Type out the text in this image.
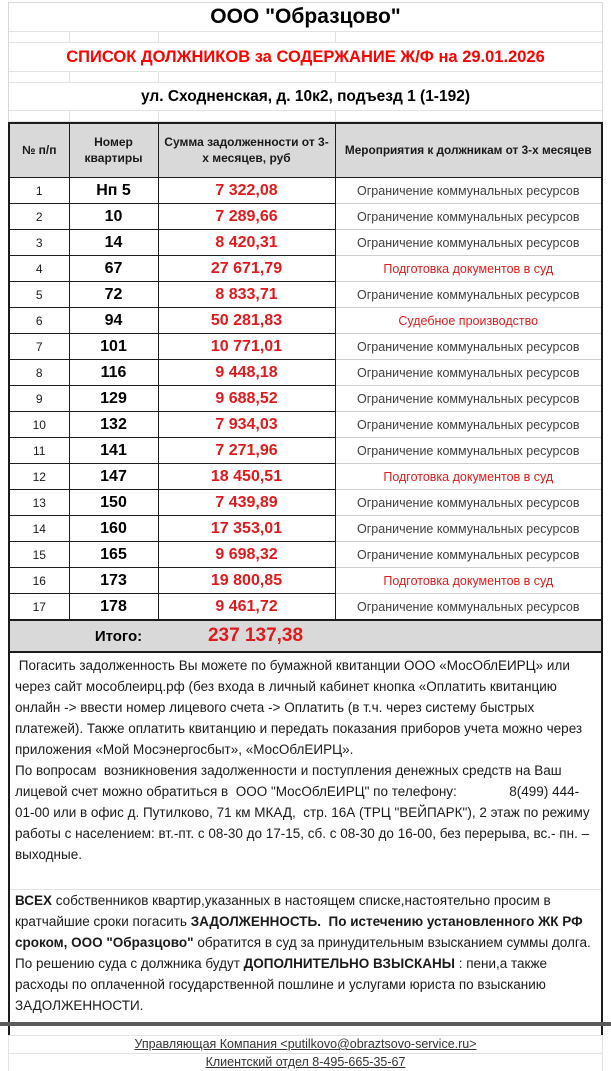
ООО "Образцово"
СПИСОК ДОЛЖНИКОВ за СОДЕРЖАНИЕ Ж/Ф на 29.01.2026
ул. Сходненская, д. 10к2, подъезд 1 (1-192)
№ п/п	Номер квартиры	Сумма задолженности от 3-х месяцев, руб	Мероприятия к должникам от 3-х месяцев
1	Нп 5	7 322,08	Ограничение коммунальных ресурсов
2	10	7 289,66	Ограничение коммунальных ресурсов
3	14	8 420,31	Ограничение коммунальных ресурсов
4	67	27 671,79	Подготовка документов в суд
5	72	8 833,71	Ограничение коммунальных ресурсов
6	94	50 281,83	Судебное производство
7	101	10 771,01	Ограничение коммунальных ресурсов
8	116	9 448,18	Ограничение коммунальных ресурсов
9	129	9 688,52	Ограничение коммунальных ресурсов
10	132	7 934,03	Ограничение коммунальных ресурсов
11	141	7 271,96	Ограничение коммунальных ресурсов
12	147	18 450,51	Подготовка документов в суд
13	150	7 439,89	Ограничение коммунальных ресурсов
14	160	17 353,01	Ограничение коммунальных ресурсов
15	165	9 698,32	Ограничение коммунальных ресурсов
16	173	19 800,85	Подготовка документов в суд
17	178	9 461,72	Ограничение коммунальных ресурсов
Итого:	237 137,38

Погасить задолженность Вы можете по бумажной квитанции ООО «МосОблЕИРЦ» или через сайт мособлеирц.рф (без входа в личный кабинет кнопка «Оплатить квитанцию онлайн -> ввести номер лицевого счета -> Оплатить (в т.ч. через систему быстрых платежей). Также оплатить квитанцию и передать показания приборов учета можно через приложения «Мой Мосэнергосбыт», «МосОблЕИРЦ».

По вопросам  возникновения задолженности и поступления денежных средств на Ваш лицевой счет можно обратиться в  ООО "МосОблЕИРЦ" по телефону:              8(499) 444-01-00 или в офис д. Путилково, 71 км МКАД,  стр. 16А (ТРЦ "ВЕЙПАРК"), 2 этаж по режиму работы с населением: вт.-пт. с 08-30 до 17-15, сб. с 08-30 до 16-00, без перерыва, вс.- пн. – выходные.

ВСЕХ собственников квартир,указанных в настоящем списке,настоятельно просим в кратчайшие сроки погасить ЗАДОЛЖЕННОСТЬ. По истечению установленного ЖК РФ сроком, ООО "Образцово" обратится в суд за принудительным взысканием суммы долга. По решению суда с должника будут ДОПОЛНИТЕЛЬНО ВЗЫСКАНЫ : пени,а также расходы по оплаченной государственной пошлине и услугами юриста по взысканию ЗАДОЛЖЕННОСТИ.

Управляющая Компания <putilkovo@obraztsovo-service.ru>
Клиентский отдел 8-495-665-35-67
